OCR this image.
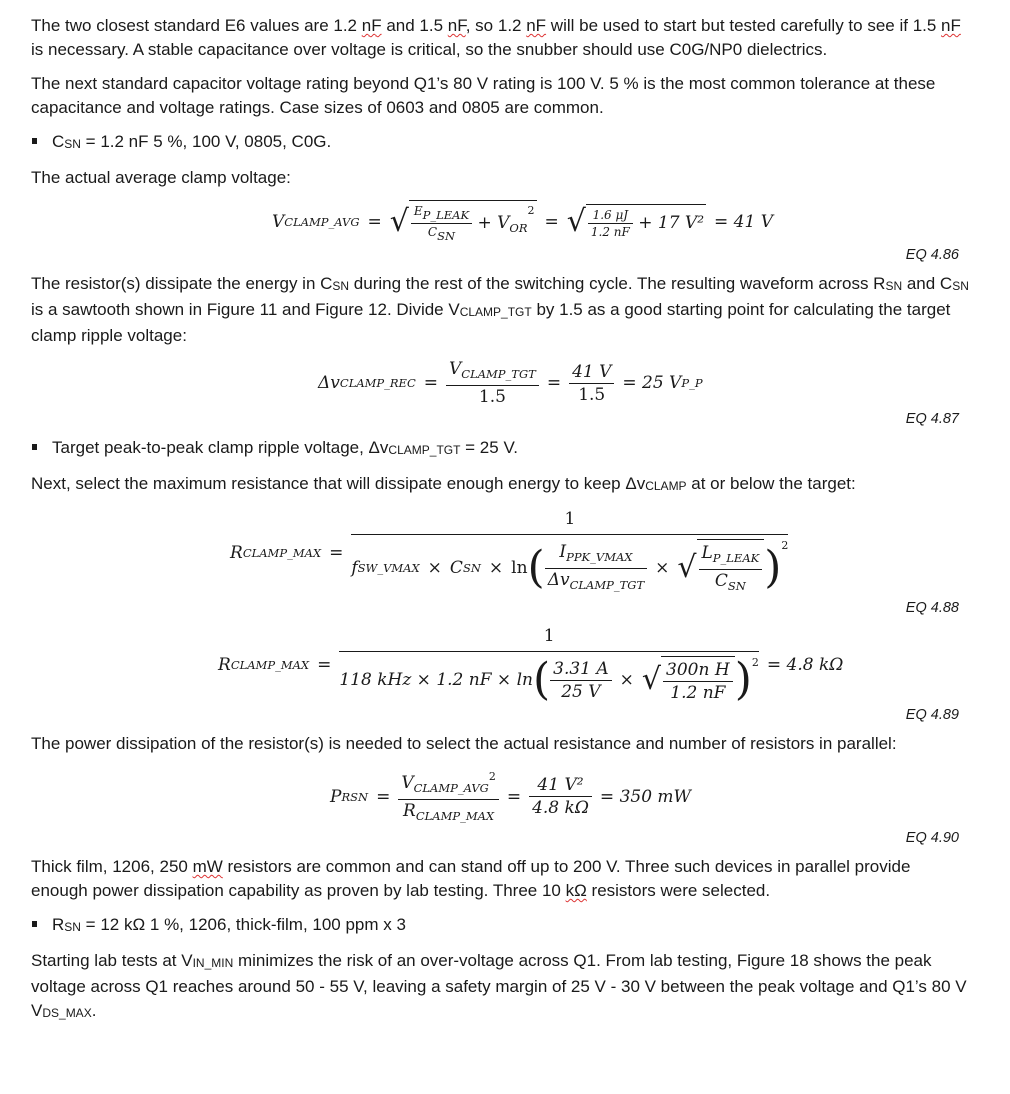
The two closest standard E6 values are 1.2 nF and 1.5 nF, so 1.2 nF will be used to start but tested carefully to see if 1.5 nF is necessary. A stable capacitance over voltage is critical, so the snubber should use C0G/NP0 dielectrics.

The next standard capacitor voltage rating beyond Q1’s 80 V rating is 100 V. 5 % is the most common tolerance at these capacitance and voltage ratings. Case sizes of 0603 and 0805 are common.

CSN = 1.2 nF 5 %, 100 V, 0805, C0G.

The actual average clamp voltage:

V CLAMP_AVG = √ $\frac{\text{EP\_LEAK}}{\text{CSN}} + V_{OR}^2$
= √ $\frac{1.6 \mu J}{1.2 nF} + 17$ V² = 41 V
EQ 4.86

The resistor(s) dissipate the energy in CSN during the rest of the switching cycle. The resulting waveform across RSN and CSN is a sawtooth shown in Figure 11 and Figure 12. Divide VCLAMP_TGT by 1.5 as a good starting point for calculating the target clamp ripple voltage:

Δv CLAMP_REC = $\frac{V_{CLAMP\_TGT}}{1.5} = \frac{41 V}{1.5} = 25$ V P_P
EQ 4.87
Target peak-to-peak clamp ripple voltage, ΔvCLAMP_TGT = 25 V.

Next, select the maximum resistance that will dissipate enough energy to keep ΔvCLAMP at or below the target:

R CLAMP_MAX =
1
f SW_VMAX × C SN × ln ( $\frac{I_{PPK\_VMAX}}{\Delta v_{CLAMP\_TGT}}$ × √ $\frac{L_{P\_LEAK}}{C_{SN}}$ ) 2
EQ 4.88
R CLAMP_MAX =
1
118 kHz × 1.2 nF × ln ( $\frac{3.31 A}{25 V}$ × √ $\frac{\text{300n H}}{1.2 nF}$ ) 2 = 4.8 kΩ
EQ 4.89

The power dissipation of the resistor(s) is needed to select the actual resistance and number of resistors in parallel:

P RSN = $\frac{V_{CLAMP\_AVG}^2}{R_{CLAMP\_MAX}} = \frac{\text{41 V²}}{4.8 k\Omega} = 350$ mW
EQ 4.90

Thick film, 1206, 250 mW resistors are common and can stand off up to 200 V. Three such devices in parallel provide enough power dissipation capability as proven by lab testing. Three 10 kΩ resistors were selected.

RSN = 12 kΩ 1 %, 1206, thick-film, 100 ppm x 3

Starting lab tests at VIN_MIN minimizes the risk of an over-voltage across Q1. From lab testing, Figure 18 shows the peak voltage across Q1 reaches around 50 - 55 V, leaving a safety margin of 25 V - 30 V between the peak voltage and Q1’s 80 V VDS_MAX.
